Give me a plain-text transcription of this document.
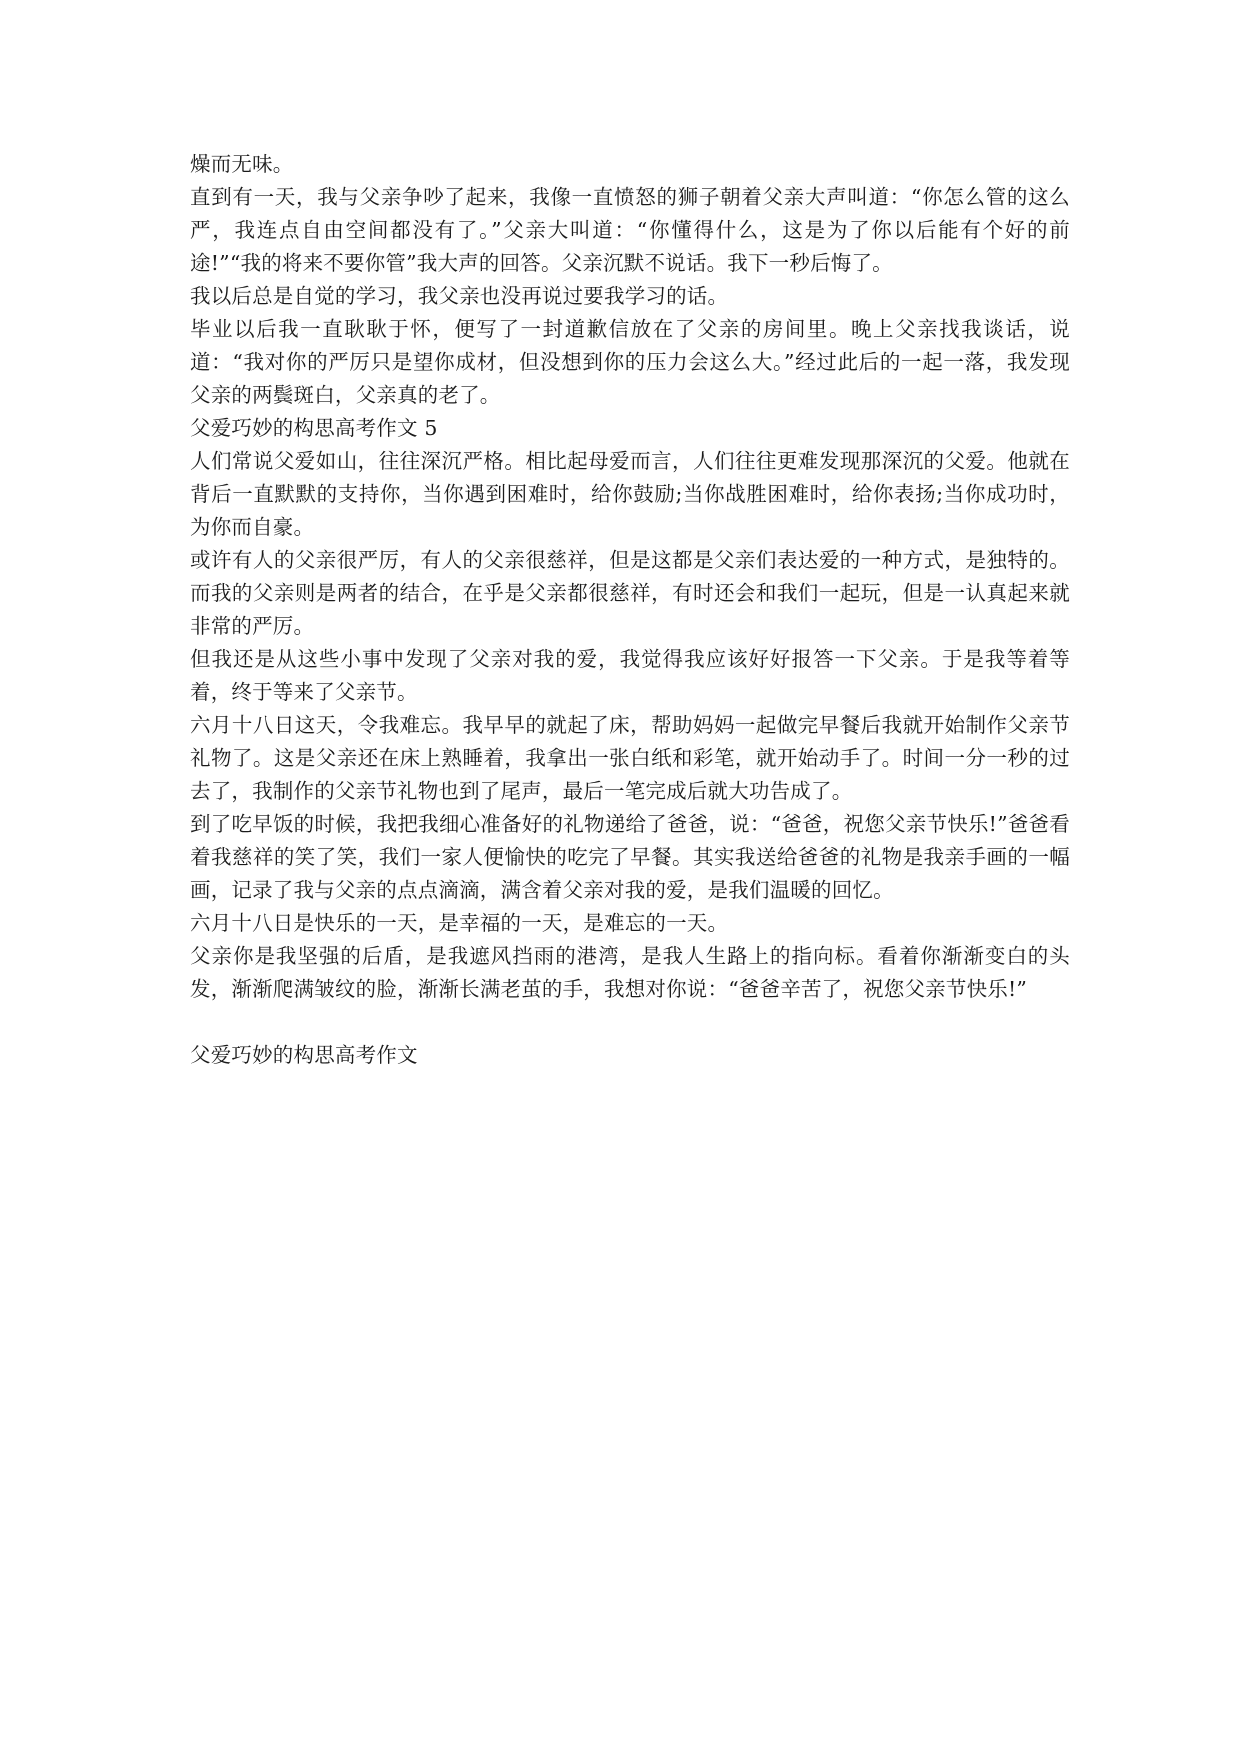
燥而无味。

直到有一天，我与父亲争吵了起来，我像一直愤怒的狮子朝着父亲大声叫道：“你怎么管的这么严，我连点自由空间都没有了。”父亲大叫道：“你懂得什么，这是为了你以后能有个好的前途!”“我的将来不要你管”我大声的回答。父亲沉默不说话。我下一秒后悔了。

我以后总是自觉的学习，我父亲也没再说过要我学习的话。

毕业以后我一直耿耿于怀，便写了一封道歉信放在了父亲的房间里。晚上父亲找我谈话，说道：“我对你的严厉只是望你成材，但没想到你的压力会这么大。”经过此后的一起一落，我发现父亲的两鬓斑白，父亲真的老了。

父爱巧妙的构思高考作文 5

人们常说父爱如山，往往深沉严格。相比起母爱而言，人们往往更难发现那深沉的父爱。他就在背后一直默默的支持你，当你遇到困难时，给你鼓励;当你战胜困难时，给你表扬;当你成功时，为你而自豪。

或许有人的父亲很严厉，有人的父亲很慈祥，但是这都是父亲们表达爱的一种方式，是独特的。而我的父亲则是两者的结合，在乎是父亲都很慈祥，有时还会和我们一起玩，但是一认真起来就非常的严厉。

但我还是从这些小事中发现了父亲对我的爱，我觉得我应该好好报答一下父亲。于是我等着等着，终于等来了父亲节。

六月十八日这天，令我难忘。我早早的就起了床，帮助妈妈一起做完早餐后我就开始制作父亲节礼物了。这是父亲还在床上熟睡着，我拿出一张白纸和彩笔，就开始动手了。时间一分一秒的过去了，我制作的父亲节礼物也到了尾声，最后一笔完成后就大功告成了。

到了吃早饭的时候，我把我细心准备好的礼物递给了爸爸，说：“爸爸，祝您父亲节快乐!”爸爸看着我慈祥的笑了笑，我们一家人便愉快的吃完了早餐。其实我送给爸爸的礼物是我亲手画的一幅画，记录了我与父亲的点点滴滴，满含着父亲对我的爱，是我们温暖的回忆。

六月十八日是快乐的一天，是幸福的一天，是难忘的一天。

父亲你是我坚强的后盾，是我遮风挡雨的港湾，是我人生路上的指向标。看着你渐渐变白的头发，渐渐爬满皱纹的脸，渐渐长满老茧的手，我想对你说：“爸爸辛苦了，祝您父亲节快乐!”

父爱巧妙的构思高考作文
